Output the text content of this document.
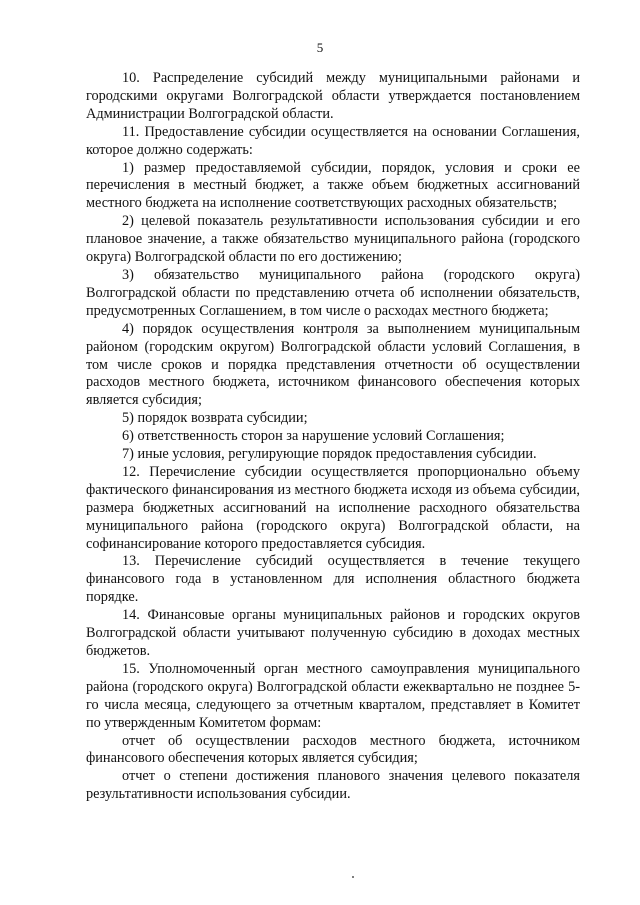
5

10. Распределение субсидий между муниципальными районами и городскими округами Волгоградской области утверждается постановлением Администрации Волгоградской области.

11. Предоставление субсидии осуществляется на основании Соглашения, которое должно содержать:

1) размер предоставляемой субсидии, порядок, условия и сроки ее перечисления в местный бюджет, а также объем бюджетных ассигнований местного бюджета на исполнение соответствующих расходных обязательств;

2) целевой показатель результативности использования субсидии и его плановое значение, а также обязательство муниципального района (городского округа) Волгоградской области по его достижению;

3) обязательство муниципального района (городского округа) Волгоградской области по представлению отчета об исполнении обязательств, предусмотренных Соглашением, в том числе о расходах местного бюджета;

4) порядок осуществления контроля за выполнением муниципальным районом (городским округом) Волгоградской области условий Соглашения, в том числе сроков и порядка представления отчетности об осуществлении расходов местного бюджета, источником финансового обеспечения которых является субсидия;

5) порядок возврата субсидии;

6) ответственность сторон за нарушение условий Соглашения;

7) иные условия, регулирующие порядок предоставления субсидии.

12. Перечисление субсидии осуществляется пропорционально объему фактического финансирования из местного бюджета исходя из объема субсидии, размера бюджетных ассигнований на исполнение расходного обязательства муниципального района (городского округа) Волгоградской области, на софинансирование которого предоставляется субсидия.

13. Перечисление субсидий осуществляется в течение текущего финансового года в установленном для исполнения областного бюджета порядке.

14. Финансовые органы муниципальных районов и городских округов Волгоградской области учитывают полученную субсидию в доходах местных бюджетов.

15. Уполномоченный орган местного самоуправления муниципального района (городского округа) Волгоградской области ежеквартально не позднее 5-го числа месяца, следующего за отчетным кварталом, представляет в Комитет по утвержденным Комитетом формам:

отчет об осуществлении расходов местного бюджета, источником финансового обеспечения которых является субсидия;

отчет о степени достижения планового значения целевого показателя результативности использования субсидии.
